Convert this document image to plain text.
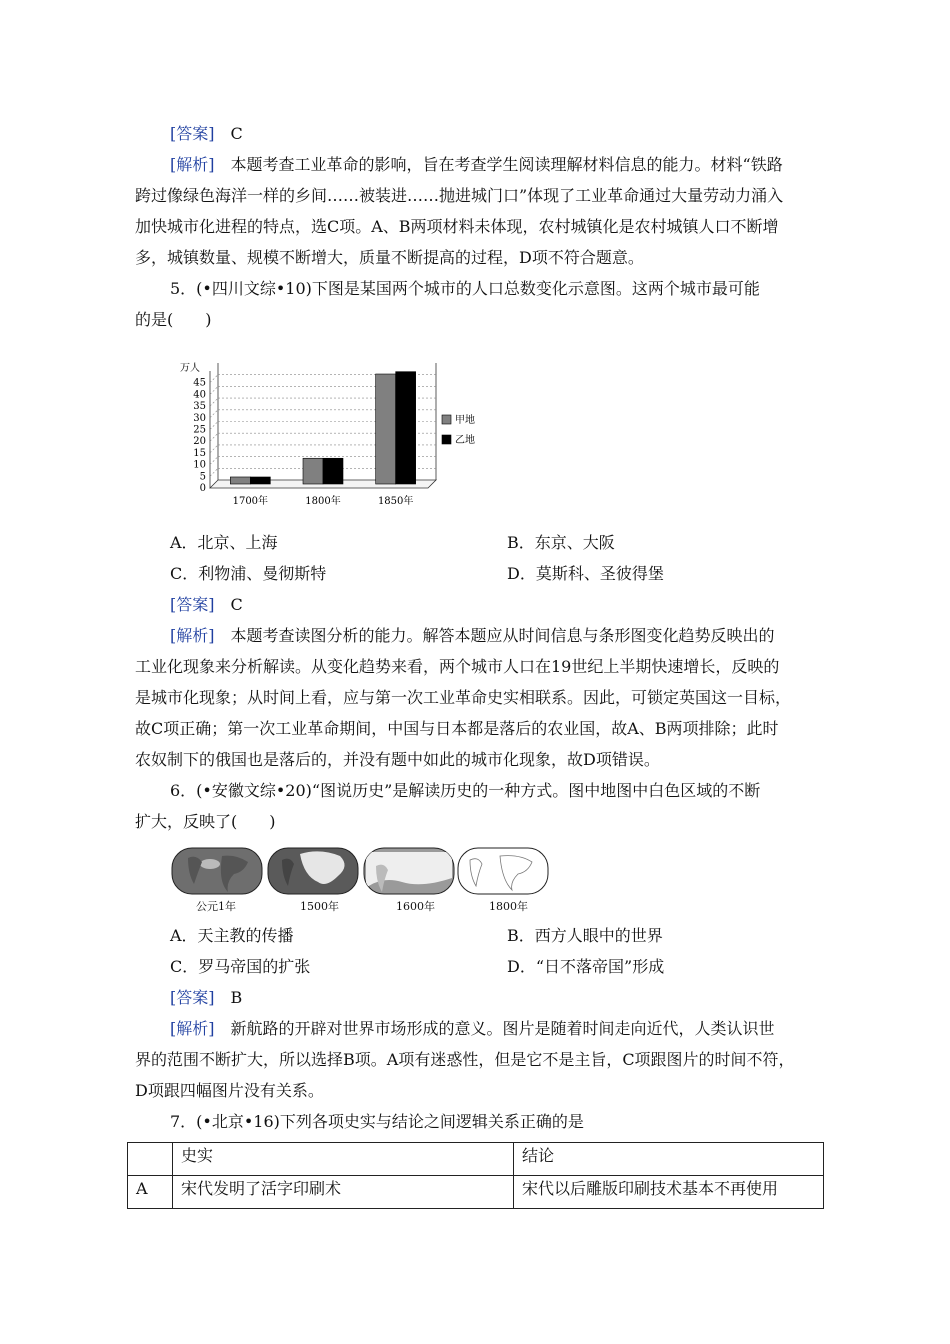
[答案]　 C
[解析]　 本题考查工业革命的影响，旨在考查学生阅读理解材料信息的能力。材料“铁路
跨过像绿色海洋一样的乡间……被装进……抛进城门口”体现了工业革命通过大量劳动力涌入
加快城市化进程的特点，选C项。A、B两项材料未体现，农村城镇化是农村城镇人口不断增
多，城镇数量、规模不断增大，质量不断提高的过程，D项不符合题意。
5．(•四川文综•10)下图是某国两个城市的人口总数变化示意图。这两个城市最可能
的是(　　)
万人
0
5
10
15
20
25
30
35
40
45
1700年	1800年	1850年
甲地
乙地
A．北京、上海	B．东京、大阪
C．利物浦、曼彻斯特	D．莫斯科、圣彼得堡
[答案]　 C
[解析]　 本题考查读图分析的能力。解答本题应从时间信息与条形图变化趋势反映出的
工业化现象来分析解读。从变化趋势来看，两个城市人口在19世纪上半期快速增长，反映的
是城市化现象；从时间上看，应与第一次工业革命史实相联系。因此，可锁定英国这一目标，
故C项正确；第一次工业革命期间，中国与日本都是落后的农业国，故A、B两项排除；此时
农奴制下的俄国也是落后的，并没有题中如此的城市化现象，故D项错误。
6．(•安徽文综•20)“图说历史”是解读历史的一种方式。图中地图中白色区域的不断
扩大，反映了(　　)
公元1年	1500年	1600年	1800年
A．天主教的传播	B．西方人眼中的世界
C．罗马帝国的扩张	D．“日不落帝国”形成
[答案]　 B
[解析]　 新航路的开辟对世界市场形成的意义。图片是随着时间走向近代，人类认识世
界的范围不断扩大，所以选择B项。A项有迷惑性，但是它不是主旨，C项跟图片的时间不符，
D项跟四幅图片没有关系。
7．(•北京•16)下列各项史实与结论之间逻辑关系正确的是
	史实	结论
A	宋代发明了活字印刷术	宋代以后雕版印刷技术基本不再使用
